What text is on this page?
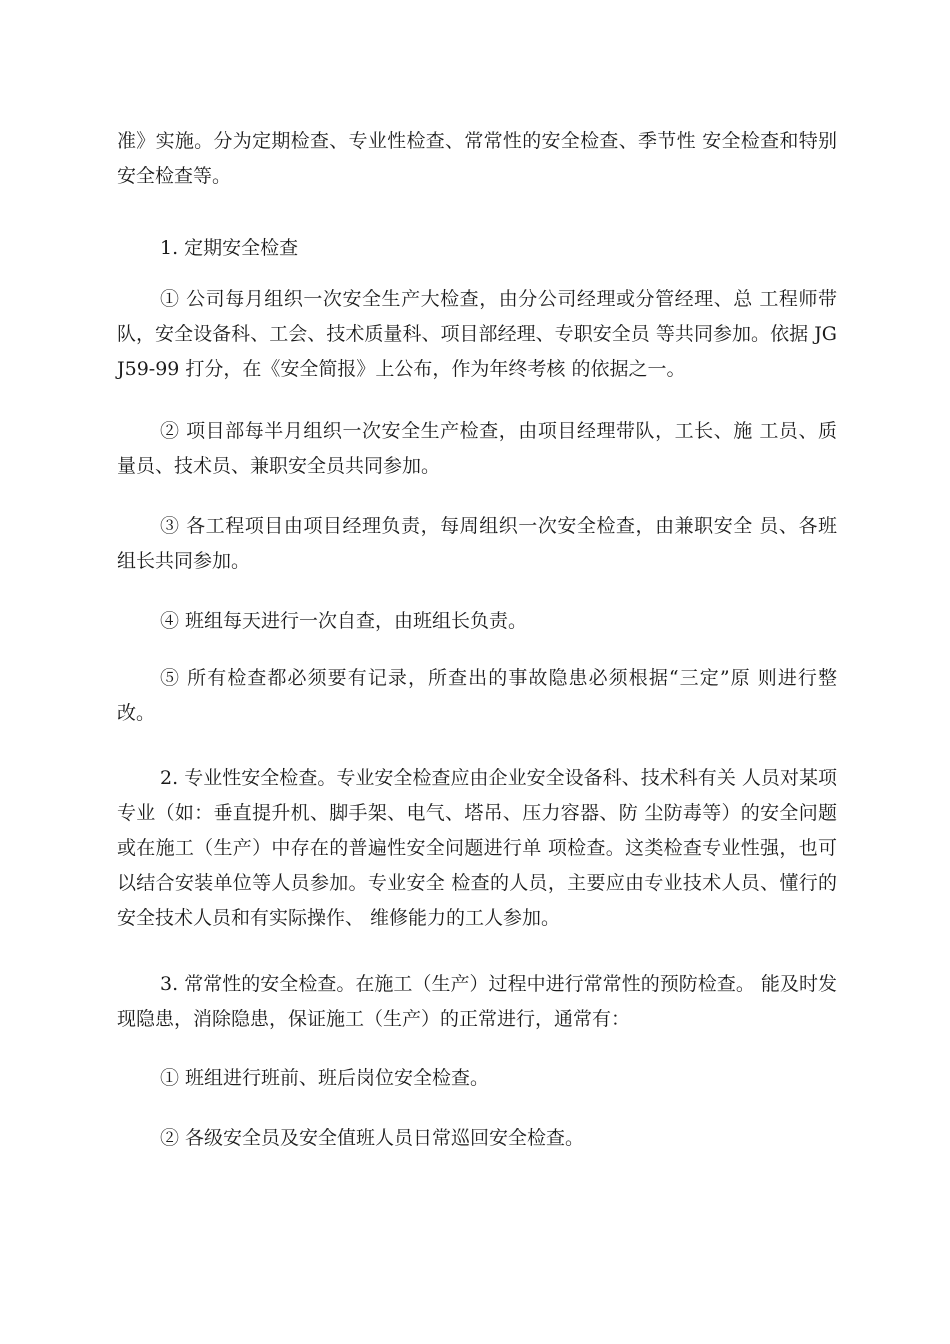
准》实施。分为定期检查、专业性检查、常常性的安全检查、季节性 安全检查和特别安全检查等。

1. 定期安全检查

① 公司每月组织一次安全生产大检查，由分公司经理或分管经理、总 工程师带队，安全设备科、工会、技术质量科、项目部经理、专职安全员 等共同参加。依据 JGJ59-99 打分，在《安全简报》上公布，作为年终考核 的依据之一。

② 项目部每半月组织一次安全生产检查，由项目经理带队，工长、施 工员、质量员、技术员、兼职安全员共同参加。

③ 各工程项目由项目经理负责，每周组织一次安全检查，由兼职安全 员、各班组长共同参加。

④ 班组每天进行一次自查，由班组长负责。

⑤ 所有检查都必须要有记录，所查出的事故隐患必须根据“三定”原 则进行整改。

2. 专业性安全检查。专业安全检查应由企业安全设备科、技术科有关 人员对某项专业（如：垂直提升机、脚手架、电气、塔吊、压力容器、防 尘防毒等）的安全问题或在施工（生产）中存在的普遍性安全问题进行单 项检查。这类检查专业性强，也可以结合安装单位等人员参加。专业安全 检查的人员，主要应由专业技术人员、懂行的安全技术人员和有实际操作、 维修能力的工人参加。

3. 常常性的安全检查。在施工（生产）过程中进行常常性的预防检查。 能及时发现隐患，消除隐患，保证施工（生产）的正常进行，通常有：

① 班组进行班前、班后岗位安全检查。

② 各级安全员及安全值班人员日常巡回安全检查。
